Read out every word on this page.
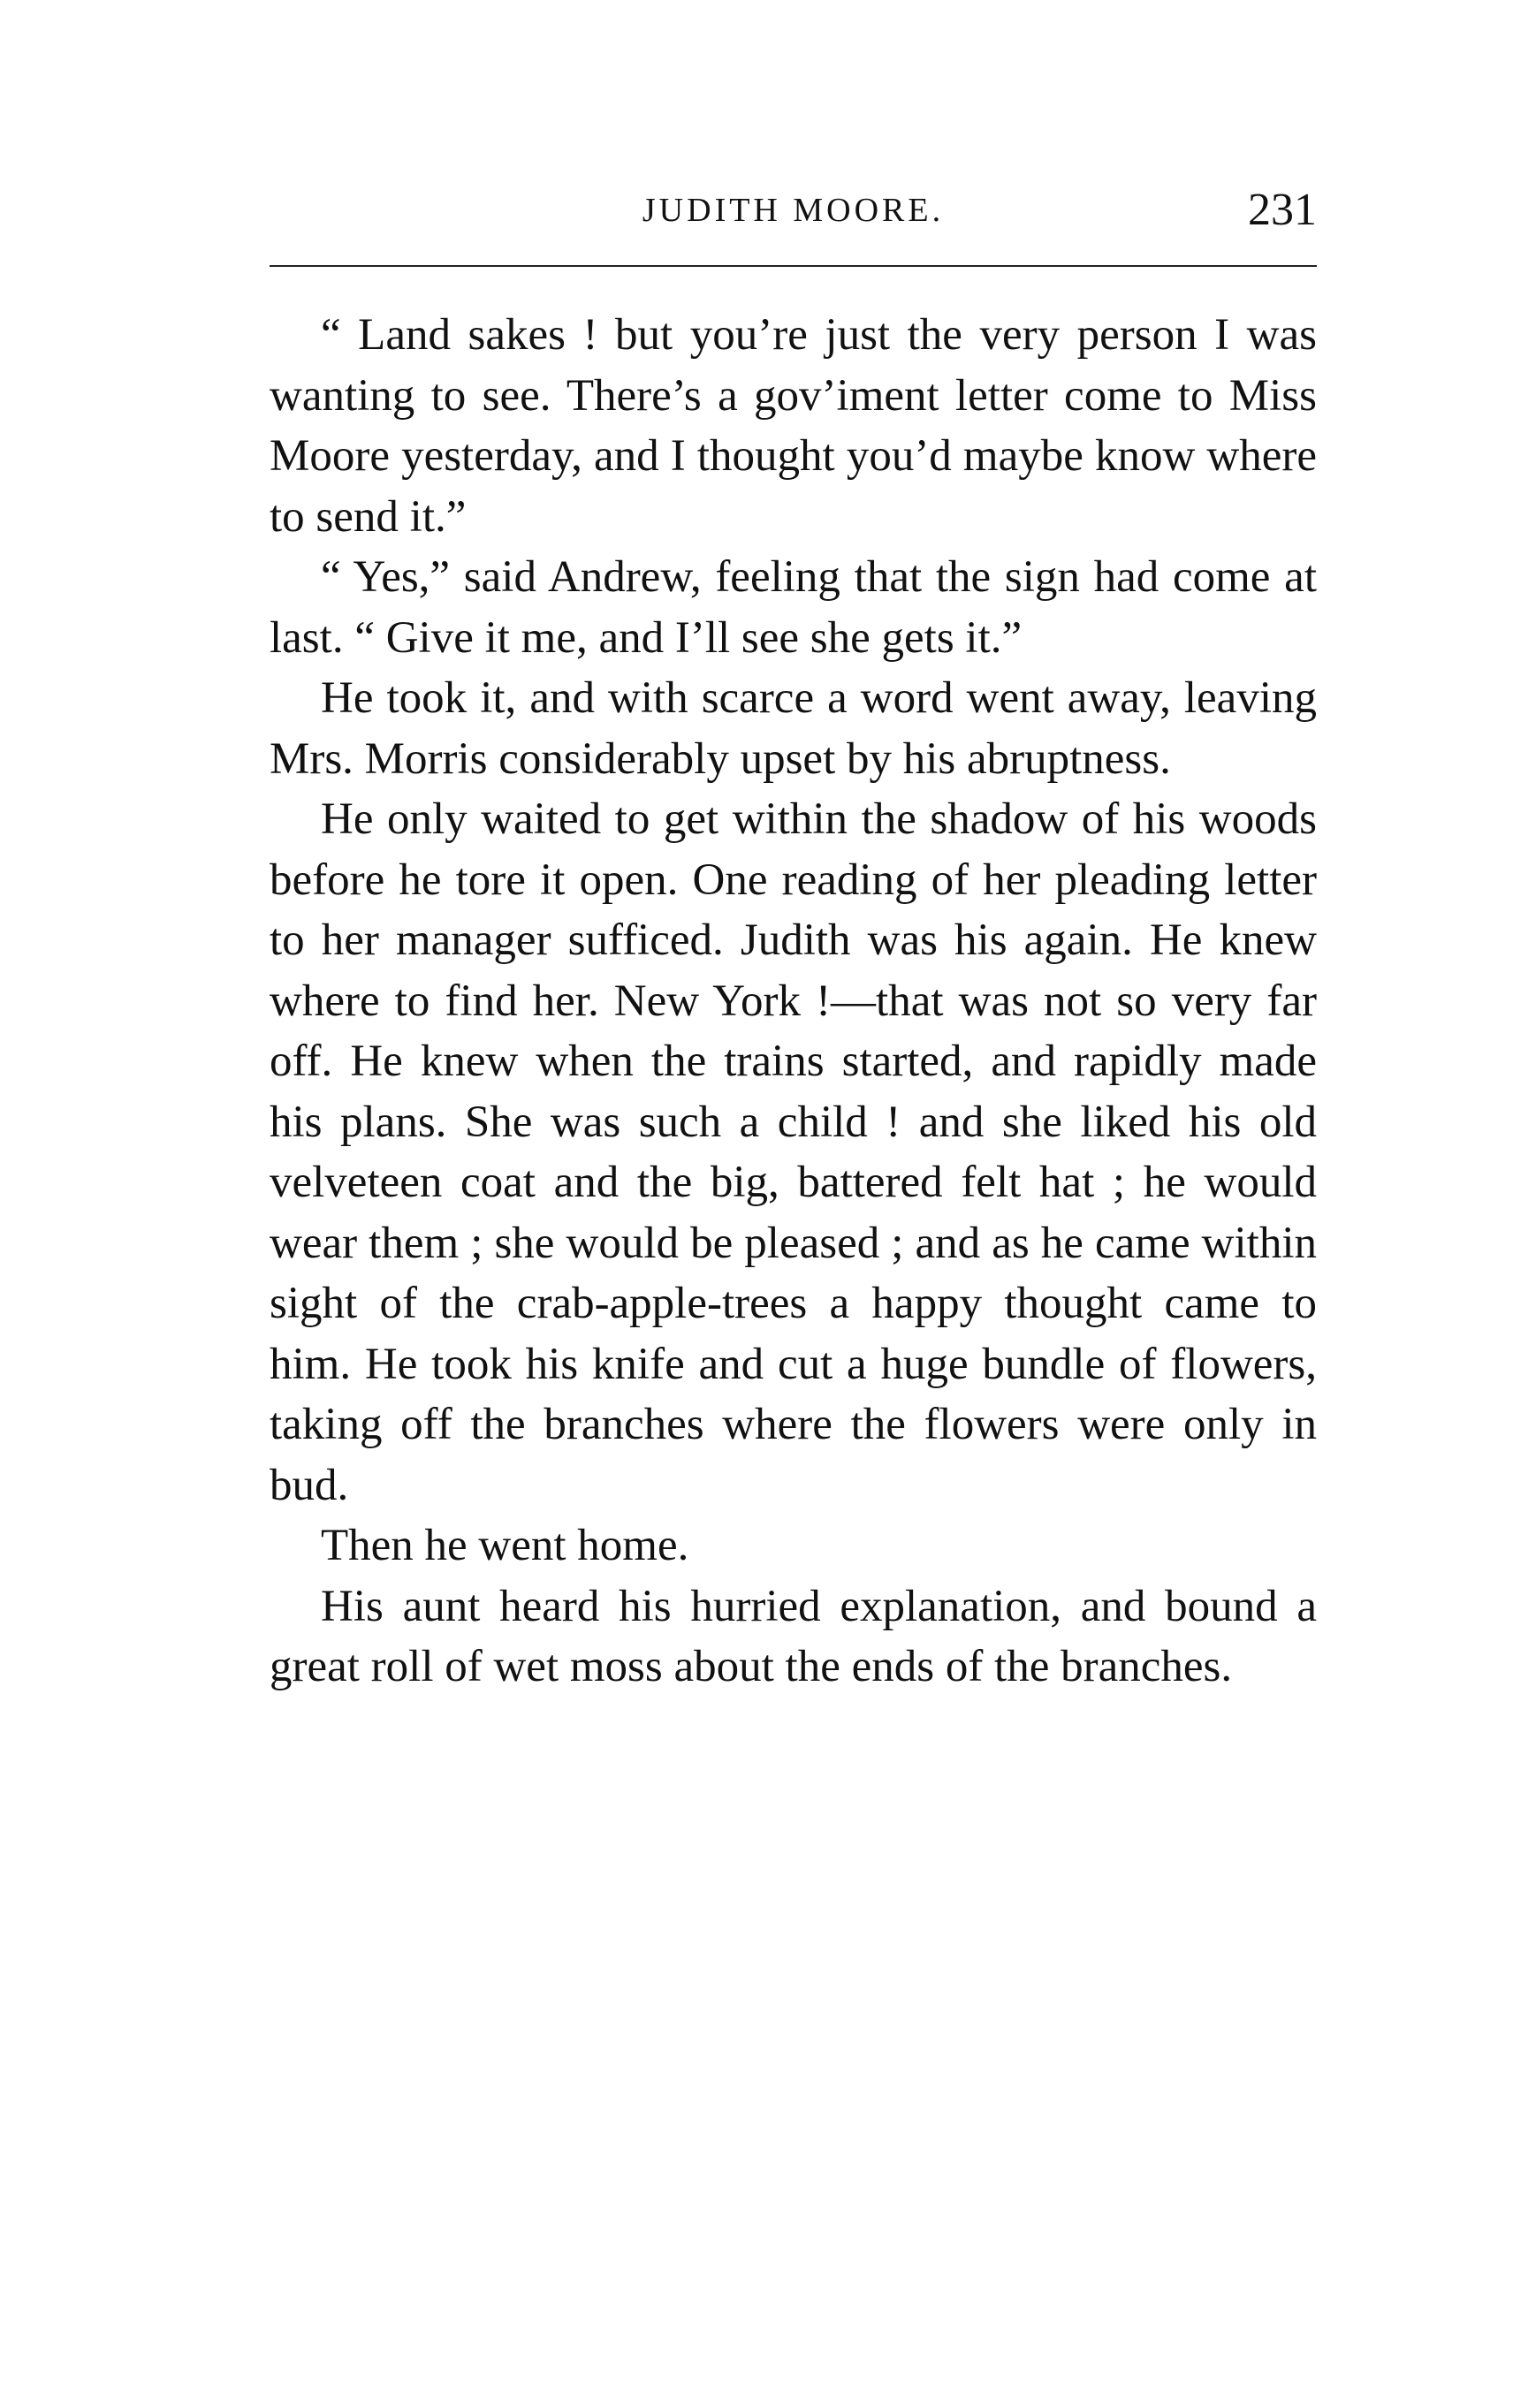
JUDITH MOORE.	231

“ Land sakes ! but you’re just the very person I was wanting to see. There’s a gov’iment letter come to Miss Moore yesterday, and I thought you’d maybe know where to send it.”

“ Yes,” said Andrew, feeling that the sign had come at last. “ Give it me, and I’ll see she gets it.”

He took it, and with scarce a word went away, leaving Mrs. Morris considerably upset by his abruptness.

He only waited to get within the shadow of his woods before he tore it open. One reading of her pleading letter to her manager sufficed. Judith was his again. He knew where to find her. New York !—that was not so very far off. He knew when the trains started, and rapidly made his plans. She was such a child ! and she liked his old velveteen coat and the big, battered felt hat ; he would wear them ; she would be pleased ; and as he came within sight of the crab-apple-trees a happy thought came to him. He took his knife and cut a huge bundle of flowers, taking off the branches where the flowers were only in bud.

Then he went home.

His aunt heard his hurried explanation, and bound a great roll of wet moss about the ends of the branches.
